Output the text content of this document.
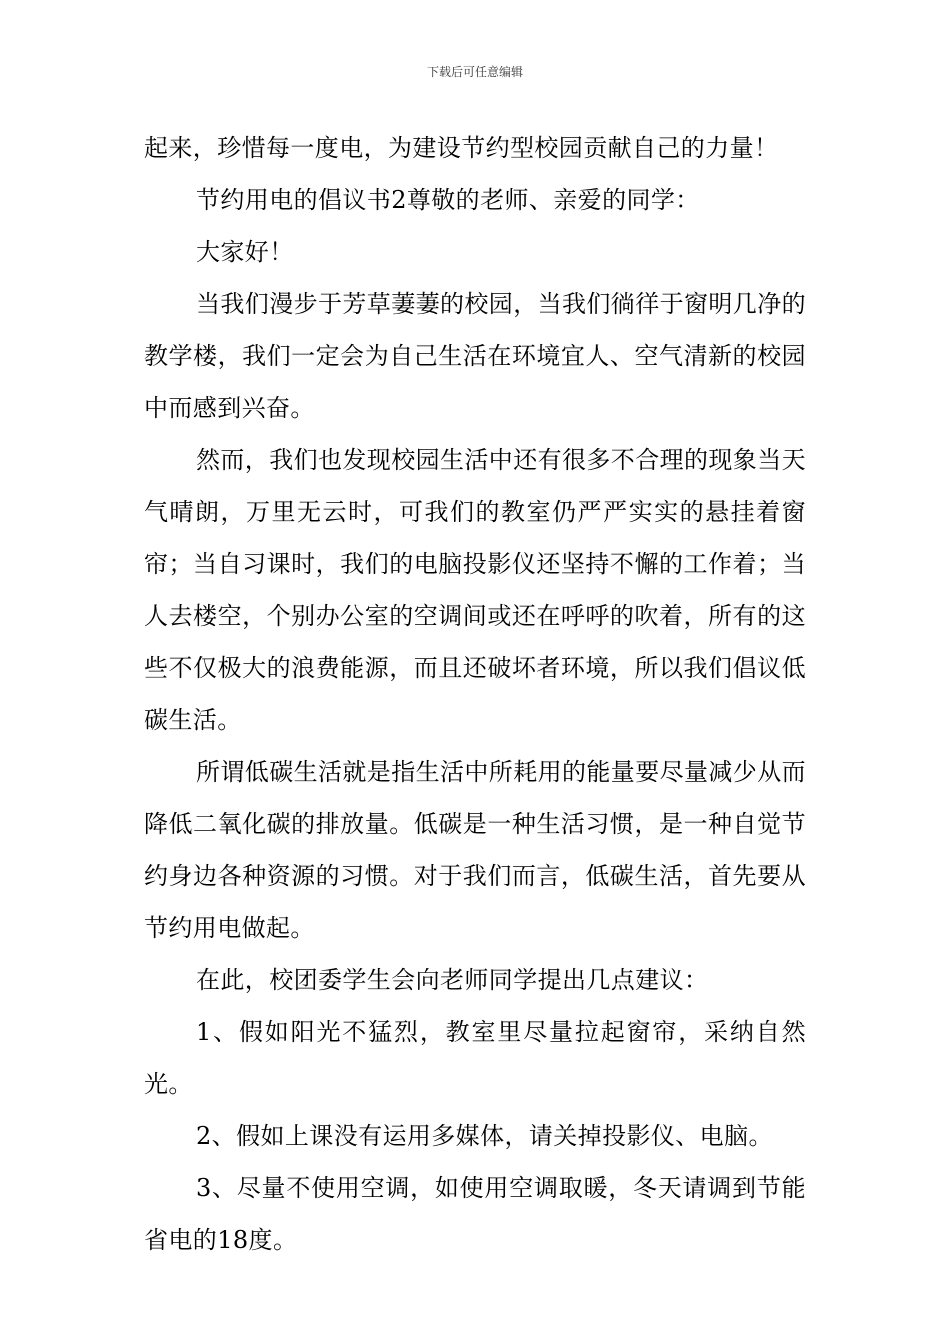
下载后可任意编辑

起来，珍惜每一度电，为建设节约型校园贡献自己的力量！

节约用电的倡议书2尊敬的老师、亲爱的同学：

大家好！

当我们漫步于芳草萋萋的校园，当我们徜徉于窗明几净的教学楼，我们一定会为自己生活在环境宜人、空气清新的校园中而感到兴奋。

然而，我们也发现校园生活中还有很多不合理的现象当天气晴朗，万里无云时，可我们的教室仍严严实实的悬挂着窗帘；当自习课时，我们的电脑投影仪还坚持不懈的工作着；当人去楼空，个别办公室的空调间或还在呼呼的吹着，所有的这些不仅极大的浪费能源，而且还破坏者环境，所以我们倡议低碳生活。

所谓低碳生活就是指生活中所耗用的能量要尽量减少从而降低二氧化碳的排放量。低碳是一种生活习惯，是一种自觉节约身边各种资源的习惯。对于我们而言，低碳生活，首先要从节约用电做起。

在此，校团委学生会向老师同学提出几点建议：

1、假如阳光不猛烈，教室里尽量拉起窗帘，采纳自然光。

2、假如上课没有运用多媒体，请关掉投影仪、电脑。

3、尽量不使用空调，如使用空调取暖，冬天请调到节能省电的18度。
